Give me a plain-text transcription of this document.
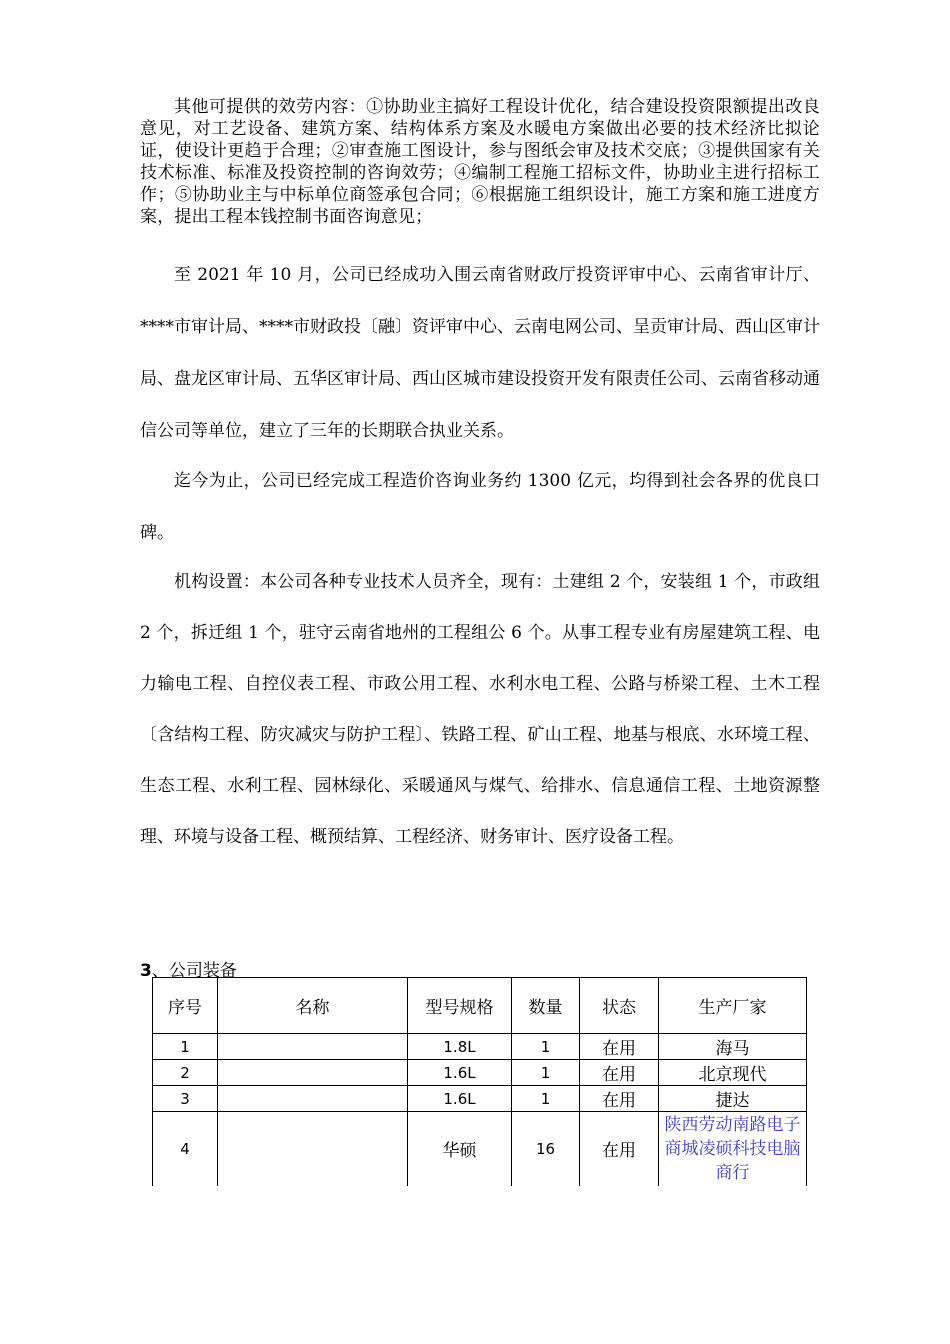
其他可提供的效劳内容：①协助业主搞好工程设计优化，结合建设投资限额提出改良意见，对工艺设备、建筑方案、结构体系方案及水暖电方案做出必要的技术经济比拟论证，使设计更趋于合理；②审查施工图设计，参与图纸会审及技术交底；③提供国家有关技术标准、标准及投资控制的咨询效劳；④编制工程施工招标文件，协助业主进行招标工作；⑤协助业主与中标单位商签承包合同；⑥根据施工组织设计，施工方案和施工进度方案，提出工程本钱控制书面咨询意见；

至 2021 年 10 月，公司已经成功入围云南省财政厅投资评审中心、云南省审计厅、****市审计局、****市财政投〔融〕资评审中心、云南电网公司、呈贡审计局、西山区审计局、盘龙区审计局、五华区审计局、西山区城市建设投资开发有限责任公司、云南省移动通信公司等单位，建立了三年的长期联合执业关系。

迄今为止，公司已经完成工程造价咨询业务约 1300 亿元，均得到社会各界的优良口碑。

机构设置：本公司各种专业技术人员齐全，现有：土建组 2 个，安装组 1 个，市政组 2 个，拆迁组 1 个，驻守云南省地州的工程组公 6 个。从事工程专业有房屋建筑工程、电力输电工程、自控仪表工程、市政公用工程、水利水电工程、公路与桥梁工程、土木工程〔含结构工程、防灾减灾与防护工程〕、铁路工程、矿山工程、地基与根底、水环境工程、生态工程、水利工程、园林绿化、采暖通风与煤气、给排水、信息通信工程、土地资源整理、环境与设备工程、概预结算、工程经济、财务审计、医疗设备工程。

3、公司装备

序号	名称	型号规格	数量	状态	生产厂家
1		1.8L	1	在用	海马
2		1.6L	1	在用	北京现代
3		1.6L	1	在用	捷达
4		华硕	16	在用	陕西劳动南路电子商城凌硕科技电脑商行
